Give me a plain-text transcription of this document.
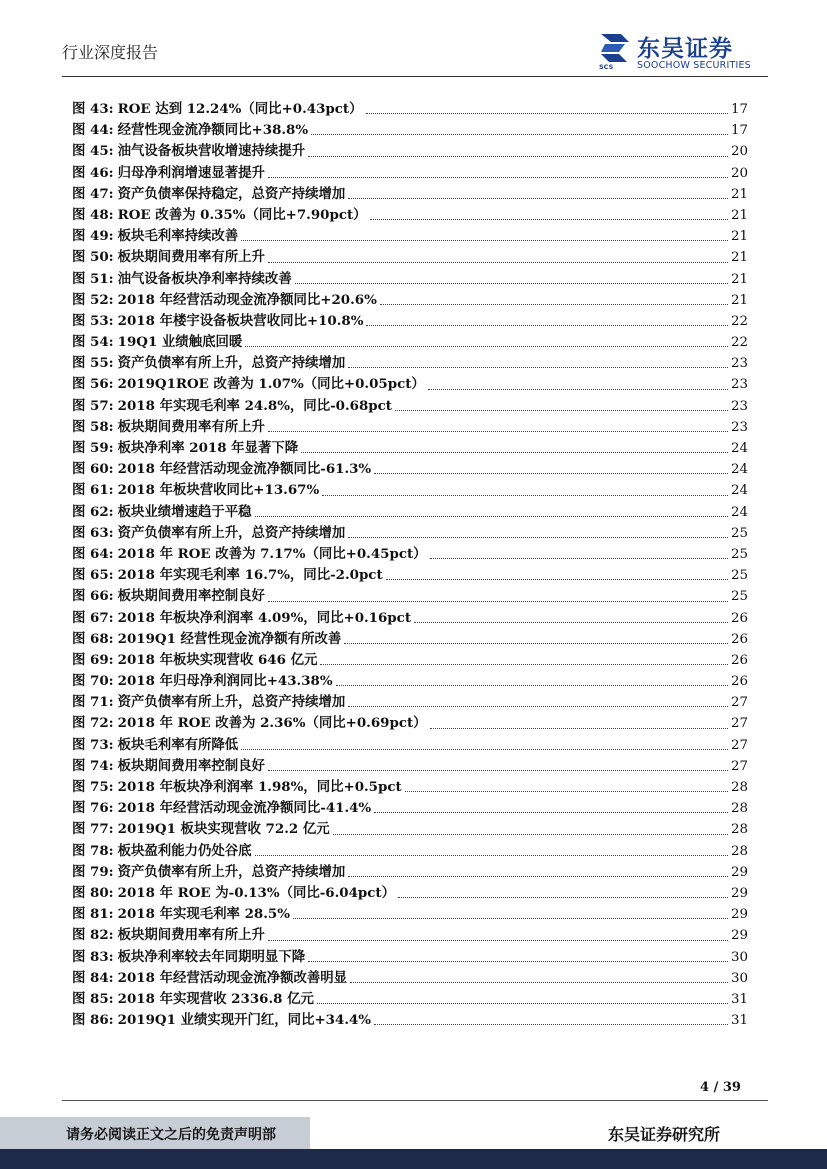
行业深度报告
SCS
东吴证券
SOOCHOW SECURITIES
图 43: ROE 达到 12.24%（同比+0.43pct）	17
图 44: 经营性现金流净额同比+38.8%	17
图 45: 油气设备板块营收增速持续提升	20
图 46: 归母净利润增速显著提升	20
图 47: 资产负债率保持稳定，总资产持续增加	21
图 48: ROE 改善为 0.35%（同比+7.90pct）	21
图 49: 板块毛利率持续改善	21
图 50: 板块期间费用率有所上升	21
图 51: 油气设备板块净利率持续改善	21
图 52: 2018 年经营活动现金流净额同比+20.6%	21
图 53: 2018 年楼宇设备板块营收同比+10.8%	22
图 54: 19Q1 业绩触底回暖	22
图 55: 资产负债率有所上升，总资产持续增加	23
图 56: 2019Q1ROE 改善为 1.07%（同比+0.05pct）	23
图 57: 2018 年实现毛利率 24.8%，同比-0.68pct	23
图 58: 板块期间费用率有所上升	23
图 59: 板块净利率 2018 年显著下降	24
图 60: 2018 年经营活动现金流净额同比-61.3%	24
图 61: 2018 年板块营收同比+13.67%	24
图 62: 板块业绩增速趋于平稳	24
图 63: 资产负债率有所上升，总资产持续增加	25
图 64: 2018 年 ROE 改善为 7.17%（同比+0.45pct）	25
图 65: 2018 年实现毛利率 16.7%，同比-2.0pct	25
图 66: 板块期间费用率控制良好	25
图 67: 2018 年板块净利润率 4.09%，同比+0.16pct	26
图 68: 2019Q1 经营性现金流净额有所改善	26
图 69: 2018 年板块实现营收 646 亿元	26
图 70: 2018 年归母净利润同比+43.38%	26
图 71: 资产负债率有所上升，总资产持续增加	27
图 72: 2018 年 ROE 改善为 2.36%（同比+0.69pct）	27
图 73: 板块毛利率有所降低	27
图 74: 板块期间费用率控制良好	27
图 75: 2018 年板块净利润率 1.98%，同比+0.5pct	28
图 76: 2018 年经营活动现金流净额同比-41.4%	28
图 77: 2019Q1 板块实现营收 72.2 亿元	28
图 78: 板块盈利能力仍处谷底	28
图 79: 资产负债率有所上升，总资产持续增加	29
图 80: 2018 年 ROE 为-0.13%（同比-6.04pct）	29
图 81: 2018 年实现毛利率 28.5%	29
图 82: 板块期间费用率有所上升	29
图 83: 板块净利率较去年同期明显下降	30
图 84: 2018 年经营活动现金流净额改善明显	30
图 85: 2018 年实现营收 2336.8 亿元	31
图 86: 2019Q1 业绩实现开门红，同比+34.4%	31
4 / 39
请务必阅读正文之后的免责声明部	东吴证券研究所
